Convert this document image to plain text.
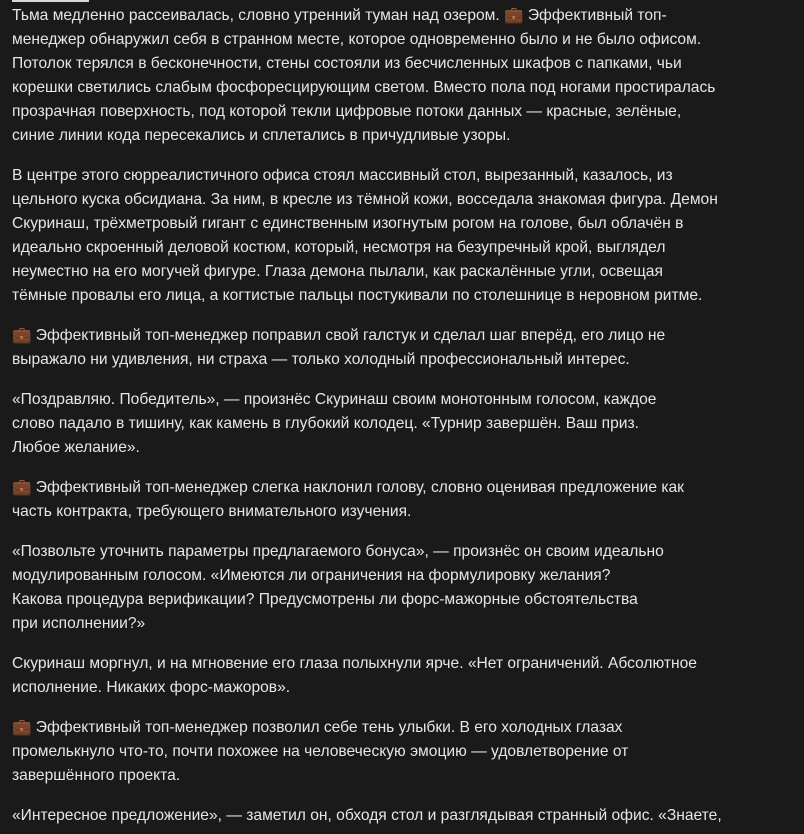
Тьма медленно рассеивалась, словно утренний туман над озером. 💼 Эффективный топ-
менеджер обнаружил себя в странном месте, которое одновременно было и не было офисом.
Потолок терялся в бесконечности, стены состояли из бесчисленных шкафов с папками, чьи
корешки светились слабым фосфоресцирующим светом. Вместо пола под ногами простиралась
прозрачная поверхность, под которой текли цифровые потоки данных — красные, зелёные,
синие линии кода пересекались и сплетались в причудливые узоры.

В центре этого сюрреалистичного офиса стоял массивный стол, вырезанный, казалось, из
цельного куска обсидиана. За ним, в кресле из тёмной кожи, восседала знакомая фигура. Демон
Скуринаш, трёхметровый гигант с единственным изогнутым рогом на голове, был облачён в
идеально скроенный деловой костюм, который, несмотря на безупречный крой, выглядел
неуместно на его могучей фигуре. Глаза демона пылали, как раскалённые угли, освещая
тёмные провалы его лица, а когтистые пальцы постукивали по столешнице в неровном ритме.

💼 Эффективный топ-менеджер поправил свой галстук и сделал шаг вперёд, его лицо не
выражало ни удивления, ни страха — только холодный профессиональный интерес.

«Поздравляю. Победитель», — произнёс Скуринаш своим монотонным голосом, каждое
слово падало в тишину, как камень в глубокий колодец. «Турнир завершён. Ваш приз.
Любое желание».

💼 Эффективный топ-менеджер слегка наклонил голову, словно оценивая предложение как
часть контракта, требующего внимательного изучения.

«Позвольте уточнить параметры предлагаемого бонуса», — произнёс он своим идеально
модулированным голосом. «Имеются ли ограничения на формулировку желания?
Какова процедура верификации? Предусмотрены ли форс-мажорные обстоятельства
при исполнении?»

Скуринаш моргнул, и на мгновение его глаза полыхнули ярче. «Нет ограничений. Абсолютное
исполнение. Никаких форс-мажоров».

💼 Эффективный топ-менеджер позволил себе тень улыбки. В его холодных глазах
промелькнуло что-то, почти похожее на человеческую эмоцию — удовлетворение от
завершённого проекта.

«Интересное предложение», — заметил он, обходя стол и разглядывая странный офис. «Знаете,
